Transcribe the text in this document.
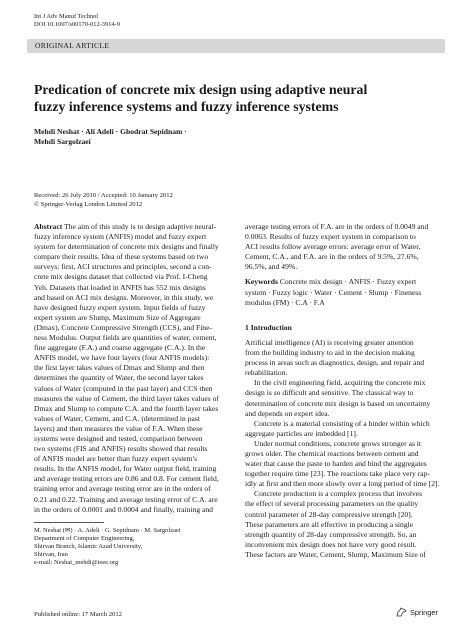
Int J Adv Manuf Technol
DOI 10.1007/s00170-012-3914-9
ORIGINAL ARTICLE
Predication of concrete mix design using adaptive neural
fuzzy inference systems and fuzzy inference systems
Mehdi Neshat · Ali Adeli · Ghodrat Sepidnam ·
Mehdi Sargolzaei
Received: 26 July 2010 / Accepted: 10 January 2012
© Springer-Verlag London Limited 2012
Abstract The aim of this study is to design adaptive neural-
fuzzy inference system (ANFIS) model and fuzzy expert
system for determination of concrete mix designs and finally
compare their results. Idea of these systems based on two
surveys: first, ACI structures and principles, second a con-
crete mix designs dataset that collected via Prof. I-Cheng
Yeh. Datasets that loaded in ANFIS has 552 mix designs
and based on ACI mix designs. Moreover, in this study, we
have designed fuzzy expert system. Input fields of fuzzy
expert system are Slump, Maximum Size of Aggregate
(Dmax), Concrete Compressive Strength (CCS), and Fine-
ness Modulus. Output fields are quantities of water, cement,
fine aggregate (F.A.) and coarse aggregate (C.A.). In the
ANFIS model, we have four layers (four ANFIS models):
the first layer takes values of Dmax and Slump and then
determines the quantity of Water, the second layer takes
values of Water (computed in the past layer) and CCS then
measures the value of Cement, the third layer takes values of
Dmax and Slump to compute C.A. and the fourth layer takes
values of Water, Cement, and C.A. (determined in past
layers) and then measures the value of F.A. When these
systems were designed and tested, comparison between
two systems (FIS and ANFIS) results showed that results
of ANFIS model are better than fuzzy expert system's
results. In the ANFIS model, for Water output field, training
and average testing errors are 0.86 and 0.8. For cement field,
training error and average testing error are in the orders of
0.21 and 0.22. Training and average testing error of C.A. are
in the orders of 0.0001 and 0.0004 and finally, training and
average testing errors of F.A. are in the orders of 0.0049 and
0.0063. Results of fuzzy expert system in comparison to
ACI results follow average errors: average error of Water,
Cement, C.A., and F.A. are in the orders of 9.5%, 27.6%,
96.5%, and 49%.
Keywords Concrete mix design · ANFIS · Fuzzy expert
system · Fuzzy logic · Water · Cement · Slump · Fineness
modulus (FM) · C.A · F.A
1 Introduction
Artificial intelligence (AI) is receiving greater attention
from the building industry to aid in the decision making
process in areas such as diagnostics, design, and repair and
rehabilitation.
In the civil engineering field, acquiring the concrete mix
design is so difficult and sensitive. The classical way to
determination of concrete mix design is based on uncertainty
and depends on expert idea.
Concrete is a material consisting of a binder within which
aggregate particles are imbedded [1].
Under normal conditions, concrete grows stronger as it
grows older. The chemical reactions between cement and
water that cause the paste to harden and bind the aggregates
together require time [23]. The reactions take place very rap-
idly at first and then more slowly over a long period of time [2].
Concrete production is a complex process that involves
the effect of several processing parameters on the quality
control parameter of 28-day compressive strength [20].
These parameters are all effective in producing a single
strength quantity of 28-day compressive strength. So, an
inconvenient mix design does not have very good result.
These factors are Water, Cement, Slump, Maximum Size of
M. Neshat (✉) · A. Adeli · G. Sepidnam · M. Sargolzaei
Department of Computer Engineering,
Shirvan Branch, Islamic Azad University,
Shirvan, Iran
e-mail: Neshat_mehdi@ieee.org
Published online: 17 March 2012	Springer
